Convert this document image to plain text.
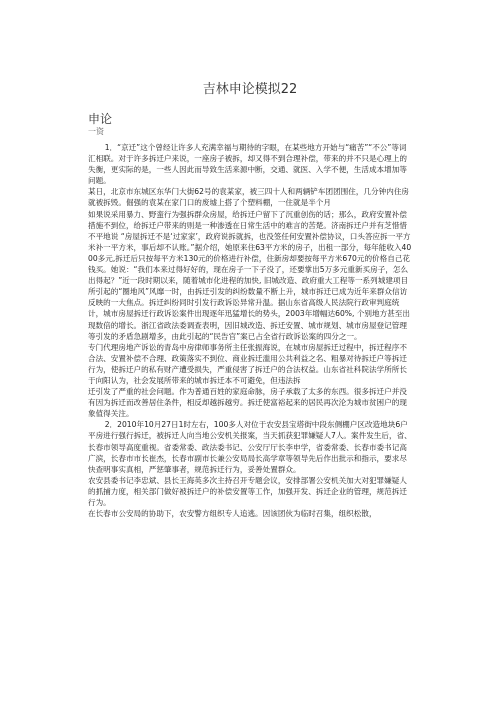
吉林申论模拟22
申论
一资

1．“京迁”这个曾经让许多人充满幸福与期待的字眼，在某些地方开始与“痛苦”“不公”等词汇相联。对于许多拆迁户来说，一座房子被拆，却又得不到合理补偿，带来的并不只是心理上的失衡，更实际的是，一些人因此而导致生活来源中断，交通、就医、入学不便，生活成本增加等问题。

某日，北京市东城区东华门大街62号的袁某家，被三四十人和两辆铲车团团围住，几分钟内住房就被拆毁。倔强的袁某在家门口的废墟上搭了个塑料棚，一住就是半个月

如果说采用暴力、野蛮行为强拆群众房屋，给拆迁户留下了沉重创伤的话；那么，政府安置补偿措施不到位，给拆迁户带来的则是一种渗透在日常生活中的难言的苦楚。济南拆迁户并有芝惜惜不平地说 “房屋拆迁不是‘过家家’，政府说拆就拆，也没签任何安置补偿协议，口头答应拆一平方米补一平方米，事后却不认账。”据介绍，她原来住63平方米的房子，出租一部分，每年能收入4000多元,拆迁后只按每平方米130元的价格进行补偿，住新房却要按每平方米670元的价格自己花钱买。她说：“我们本来过得好好的，现在房子一下子没了，还要掌出5万多元重新买房子，怎么出得起？”近一段时期以来，随着城市化进程的加快, 旧城改造、政府重大工程等一系列城建项目所引起的“圈地风”风靡一时，由拆迁引发的纠纷数量不断上升，城市拆迁已成为近年来群众信访反映的一大焦点。拆迁纠纷同时引发行政诉讼异常升温。据山东省高级人民法院行政审判庭统计，城市房屋拆迁行政诉讼案件出现逐年迅猛增长的势头，2003年增幅达60%, 个别地方甚至出现数倍的增长。浙江省政法委调查表明，因旧城改造、拆迁安置、城市规划、城市房屋登记管理等引发的矛盾急剧增多，由此引起的“民告官”案已占全省行政诉讼案的四分之一。

专门代理房地产诉讼的青岛中房律师事务所主任张振海说，在城市房屋拆迁过程中，拆迁程序不合法、安置补偿不合理、政策落实不到位、商业拆迁滥用公共利益之名、粗暴对待拆迁户等拆迁行为，使拆迁户的私有财产遭受损失，严重侵害了拆迁户的合法权益。山东省社科院法学所所长于向阳认为，社会发展所带来的城市拆迁本不可避免，但违法拆

迁引发了严重的社会问题。作为普通百姓的家庭命脉，房子承载了太多的东西。很多拆迁户并没有因为拆迁而改善居住条件，相反却越拆越穷。拆迁使富裕起来的居民再次沦为城市贫困户的现象值得关注。

2．2010年10月27日1时左右，100多人对位于农安县宝塔街中段东侧棚户区改造地块6户平房进行强行拆迁，被拆迁人向当地公安机关报案，当天抓获犯罪嫌疑人7人。案件发生后，省、长春市领导高度重视。省委常委、政法委书记、公安厅厅长李申学，省委常委、长春市委书记高广滨，长春市市长崔杰，长春市副市长兼公安局局长高学章等领导先后作出批示和指示，要求尽快查明事实真相，严惩肇事者，规范拆迁行为，妥善处置群众。

农安县委书记李忠斌、县长王海英多次主持召开专题会议，安排部署公安机关加大对犯罪嫌疑人的抓捕力度，相关部门做好被拆迁户的补偿安置等工作，加强开发、拆迁企业的管理，规范拆迁行为。

在长春市公安局的协助下，农安警方组织专人追逃。因该团伙为临时召集，组织松散，
